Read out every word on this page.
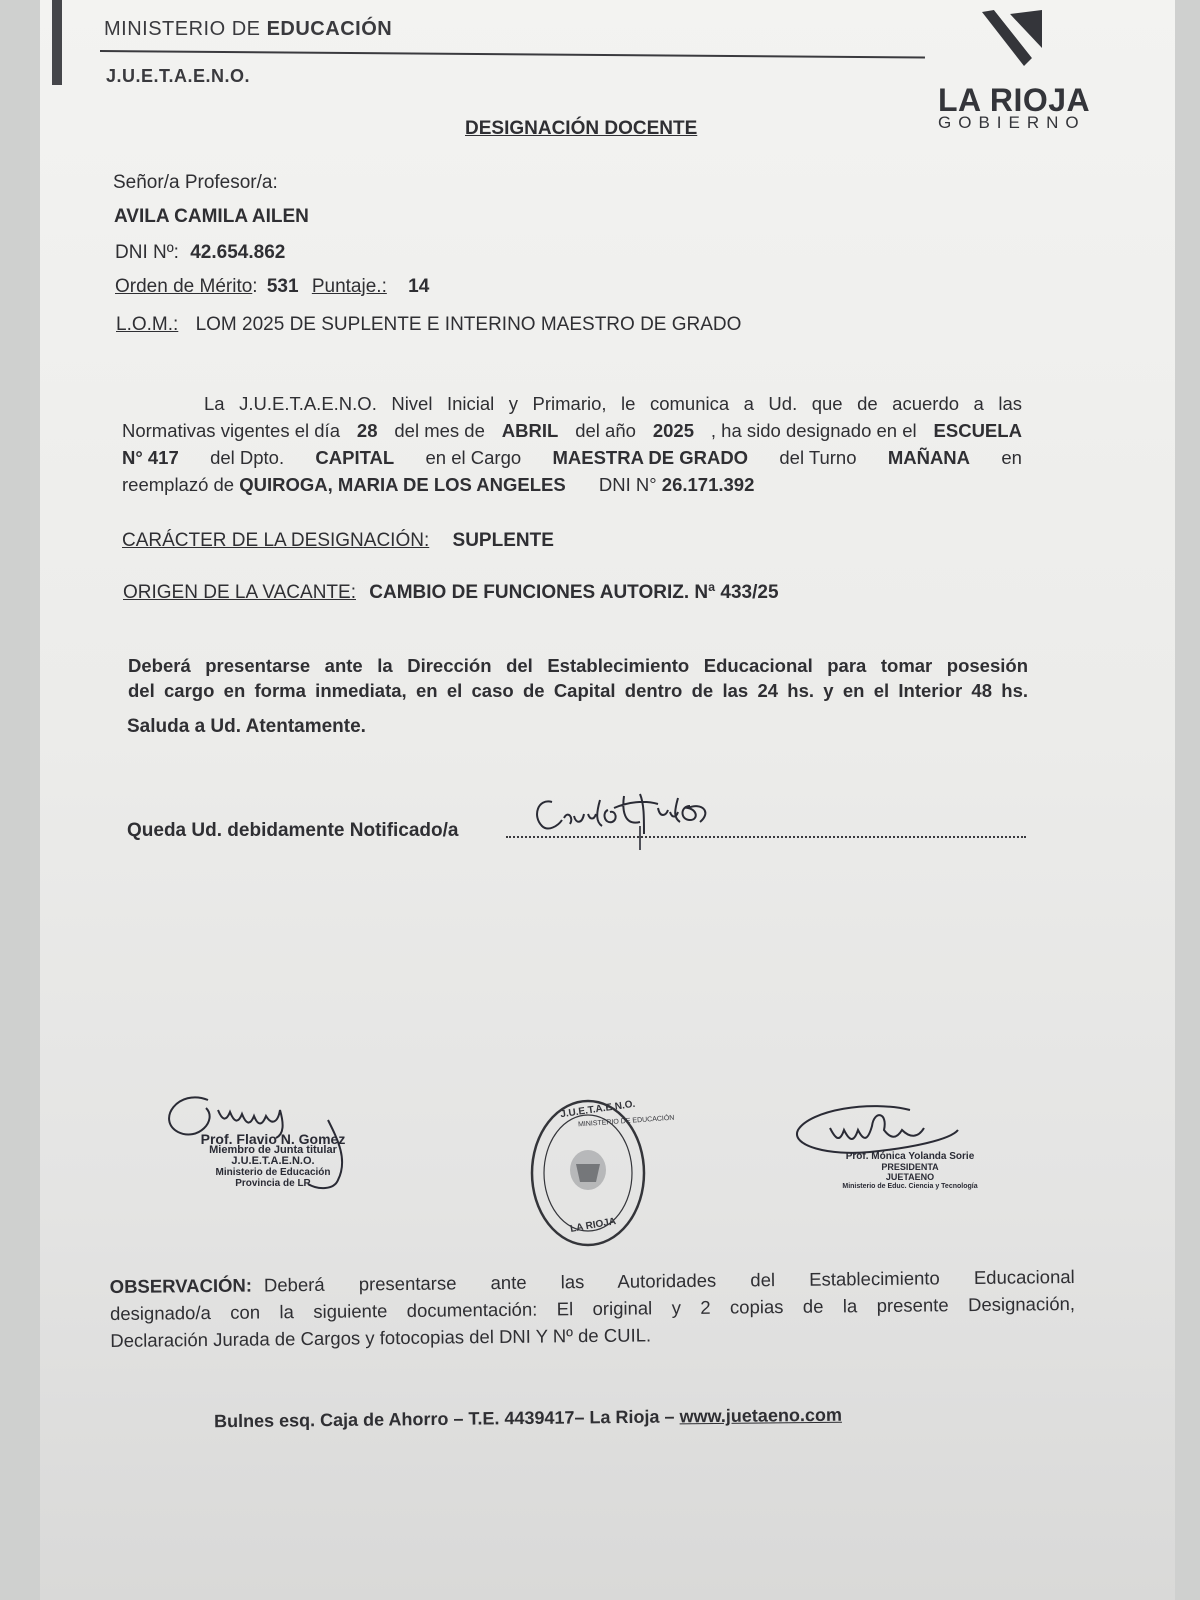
MINISTERIO DE EDUCACIÓN
J.U.E.T.A.E.N.O.
LA RIOJA
GOBIERNO
DESIGNACIÓN DOCENTE
Señor/a Profesor/a:
AVILA CAMILA AILEN
DNI Nº: 42.654.862
Orden de Mérito: 531 Puntaje.: 14
L.O.M.: LOM 2025 DE SUPLENTE E INTERINO MAESTRO DE GRADO
La J.U.E.T.A.E.N.O. Nivel Inicial y Primario, le comunica a Ud. que de acuerdo a las
Normativas vigentes el día 28 del mes de ABRIL del año 2025 , ha sido designado en el ESCUELA
N° 417 del Dpto. CAPITAL en el Cargo MAESTRA DE GRADO del Turno MAÑANA en
reemplazó de QUIROGA, MARIA DE LOS ANGELES DNI N° 26.171.392
CARÁCTER DE LA DESIGNACIÓN: SUPLENTE
ORIGEN DE LA VACANTE: CAMBIO DE FUNCIONES AUTORIZ. Nª 433/25
Deberá presentarse ante la Dirección del Establecimiento Educacional para tomar posesión
del cargo en forma inmediata, en el caso de Capital dentro de las 24 hs. y en el Interior 48 hs.
Saluda a Ud. Atentamente.
Queda Ud. debidamente Notificado/a
Prof. Flavio N. Gomez
Miembro de Junta titular
J.U.E.T.A.E.N.O.
Ministerio de Educación
Provincia de LR
J.U.E.T.A.E.N.O.
MINISTERIO DE EDUCACIÓN
LA RIOJA
Prof. Mónica Yolanda Sorie
PRESIDENTA
JUETAENO
Ministerio de Educ. Ciencia y Tecnología
OBSERVACIÓN: Deberá presentarse ante las Autoridades del Establecimiento Educacional
designado/a con la siguiente documentación: El original y 2 copias de la presente Designación,
Declaración Jurada de Cargos y fotocopias del DNI Y Nº de CUIL.
Bulnes esq. Caja de Ahorro – T.E. 4439417– La Rioja – www.juetaeno.com
